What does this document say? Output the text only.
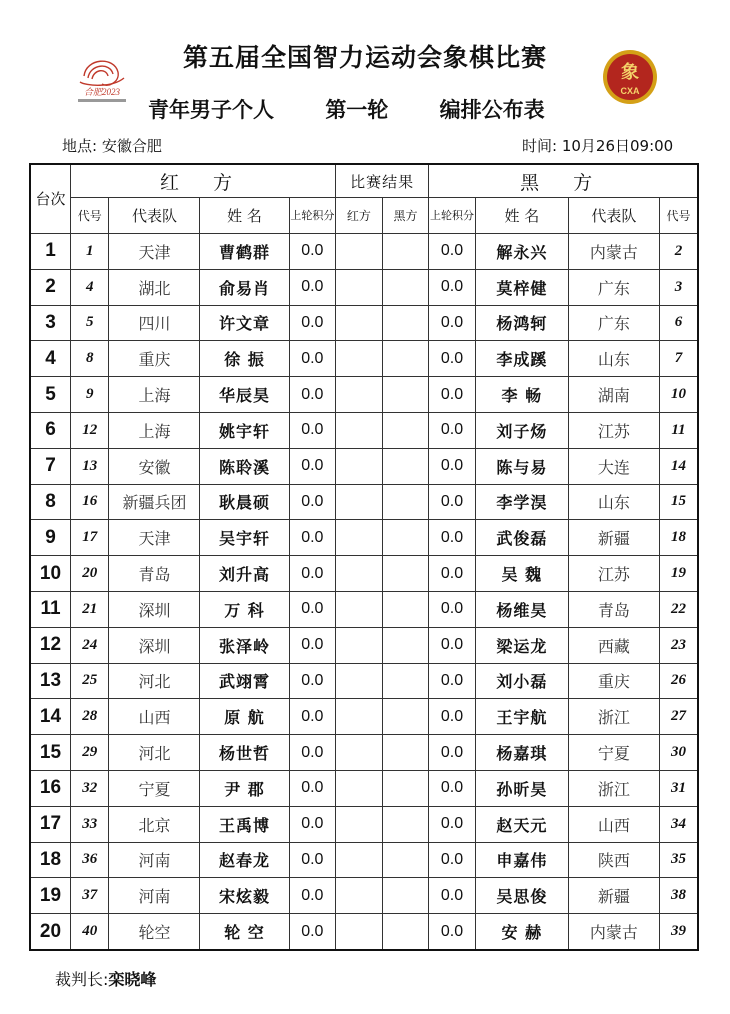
合肥2023
象
CXA
第五届全国智力运动会象棋比赛
青年男子个人 第一轮 编排公布表
地点: 安徽合肥	时间: 10月26日09:00
台次	红 方				比赛结果		黑 方			
	代号	代表队	姓 名	上轮积分	红方	黑方	上轮积分	姓 名	代表队	代号
1	1	天津	曹鹤群	0.0			0.0	解永兴	内蒙古	2
2	4	湖北	俞易肖	0.0			0.0	莫梓健	广东	3
3	5	四川	许文章	0.0			0.0	杨鸿轲	广东	6
4	8	重庆	徐 振	0.0			0.0	李成蹊	山东	7
5	9	上海	华辰昊	0.0			0.0	李 畅	湖南	10
6	12	上海	姚宇轩	0.0			0.0	刘子炀	江苏	11
7	13	安徽	陈聆溪	0.0			0.0	陈与易	大连	14
8	16	新疆兵团	耿晨硕	0.0			0.0	李学淏	山东	15
9	17	天津	吴宇轩	0.0			0.0	武俊磊	新疆	18
10	20	青岛	刘升高	0.0			0.0	吴 魏	江苏	19
11	21	深圳	万 科	0.0			0.0	杨维昊	青岛	22
12	24	深圳	张泽岭	0.0			0.0	梁运龙	西藏	23
13	25	河北	武翊霄	0.0			0.0	刘小磊	重庆	26
14	28	山西	原 航	0.0			0.0	王宇航	浙江	27
15	29	河北	杨世哲	0.0			0.0	杨嘉琪	宁夏	30
16	32	宁夏	尹 郡	0.0			0.0	孙昕昊	浙江	31
17	33	北京	王禹博	0.0			0.0	赵天元	山西	34
18	36	河南	赵春龙	0.0			0.0	申嘉伟	陕西	35
19	37	河南	宋炫毅	0.0			0.0	吴思俊	新疆	38
20	40	轮空	轮 空	0.0			0.0	安 赫	内蒙古	39
裁判长:栾晓峰
